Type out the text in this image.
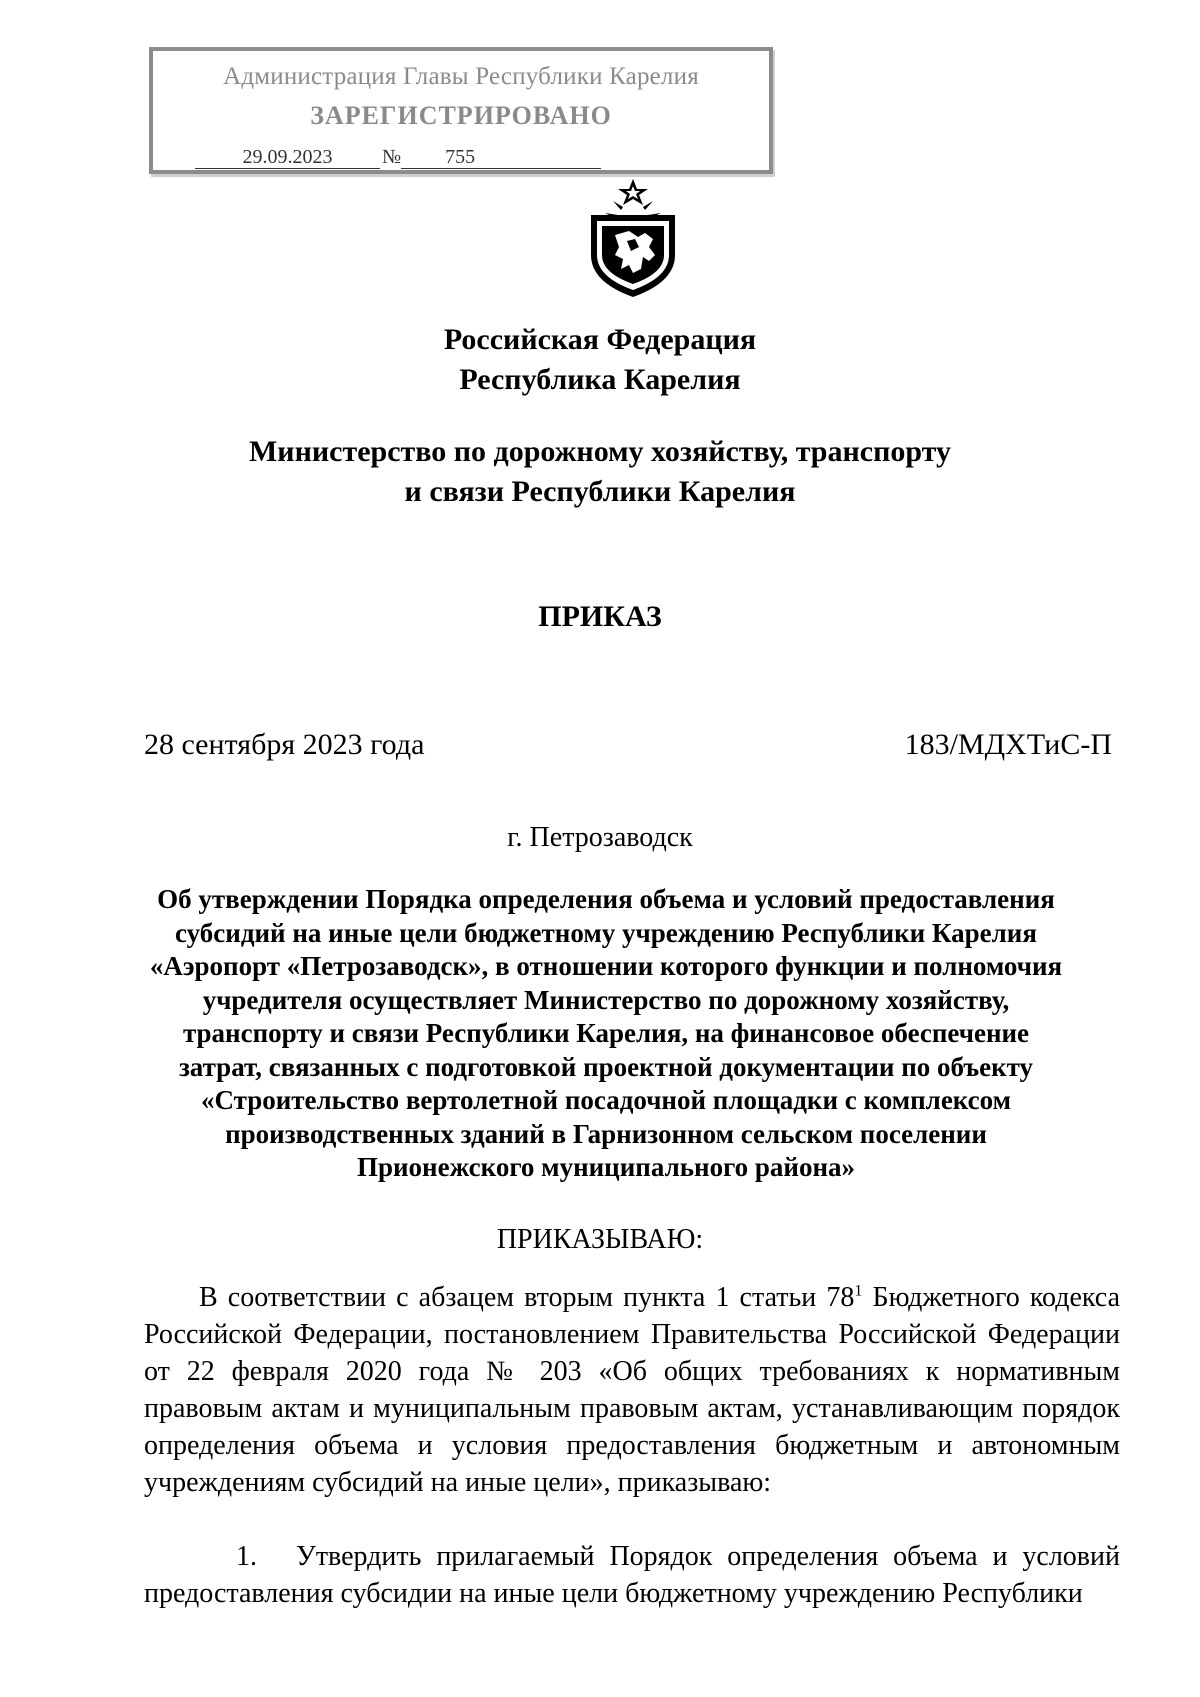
Администрация Главы Республики Карелия
ЗАРЕГИСТРИРОВАНО
29.09.2023 № 755
Российская Федерация
Республика Карелия
Министерство по дорожному хозяйству, транспорту
и связи Республики Карелия
ПРИКАЗ
28 сентября 2023 года	183/МДХТиС-П
г. Петрозаводск
Об утверждении Порядка определения объема и условий предоставления субсидий на иные цели бюджетному учреждению Республики Карелия «Аэропорт «Петрозаводск», в отношении которого функции и полномочия учредителя осуществляет Министерство по дорожному хозяйству, транспорту и связи Республики Карелия, на финансовое обеспечение затрат, связанных с подготовкой проектной документации по объекту «Строительство вертолетной посадочной площадки с комплексом производственных зданий в Гарнизонном сельском поселении Прионежского муниципального района»
ПРИКАЗЫВАЮ:
В соответствии с абзацем вторым пункта 1 статьи $78^1$ Бюджетного кодекса Российской Федерации, постановлением Правительства Российской Федерации от 22 февраля 2020 года № 203 «Об общих требованиях к нормативным правовым актам и муниципальным правовым актам, устанавливающим порядок определения объема и условия предоставления бюджетным и автономным учреждениям субсидий на иные цели», приказываю:
1. Утвердить прилагаемый Порядок определения объема и условий предоставления субсидии на иные цели бюджетному учреждению Республики
